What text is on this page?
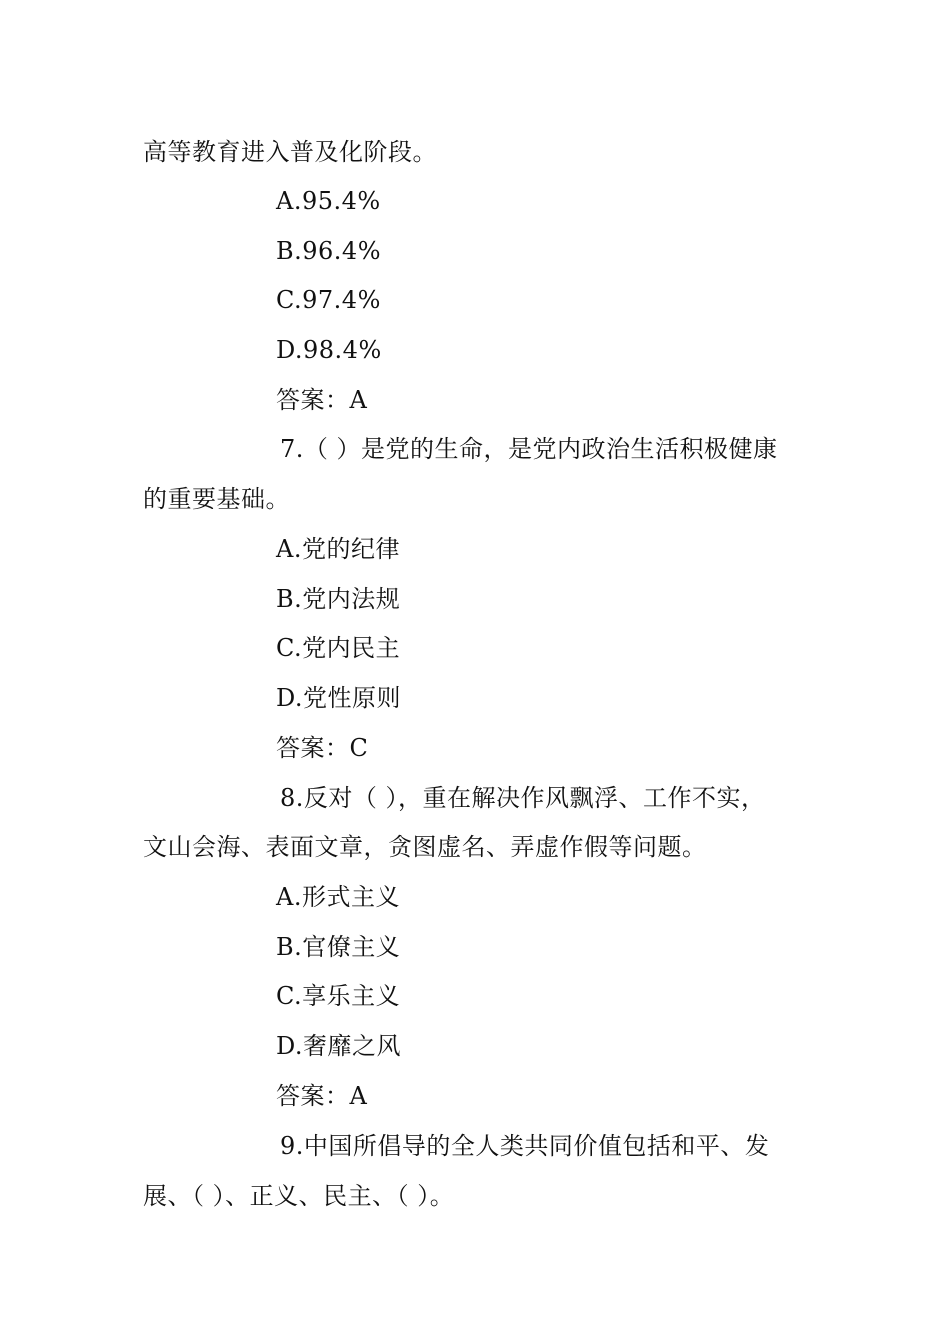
高等教育进入普及化阶段。
A.95.4%
B.96.4%
C.97.4%
D.98.4%
答案：A
7.（ ）是党的生命，是党内政治生活积极健康
的重要基础。
A.党的纪律
B.党内法规
C.党内民主
D.党性原则
答案：C
8.反对（ ），重在解决作风飘浮、工作不实，
文山会海、表面文章，贪图虚名、弄虚作假等问题。
A.形式主义
B.官僚主义
C.享乐主义
D.奢靡之风
答案：A
9.中国所倡导的全人类共同价值包括和平、发
展、（ ）、正义、民主、（ ）。
